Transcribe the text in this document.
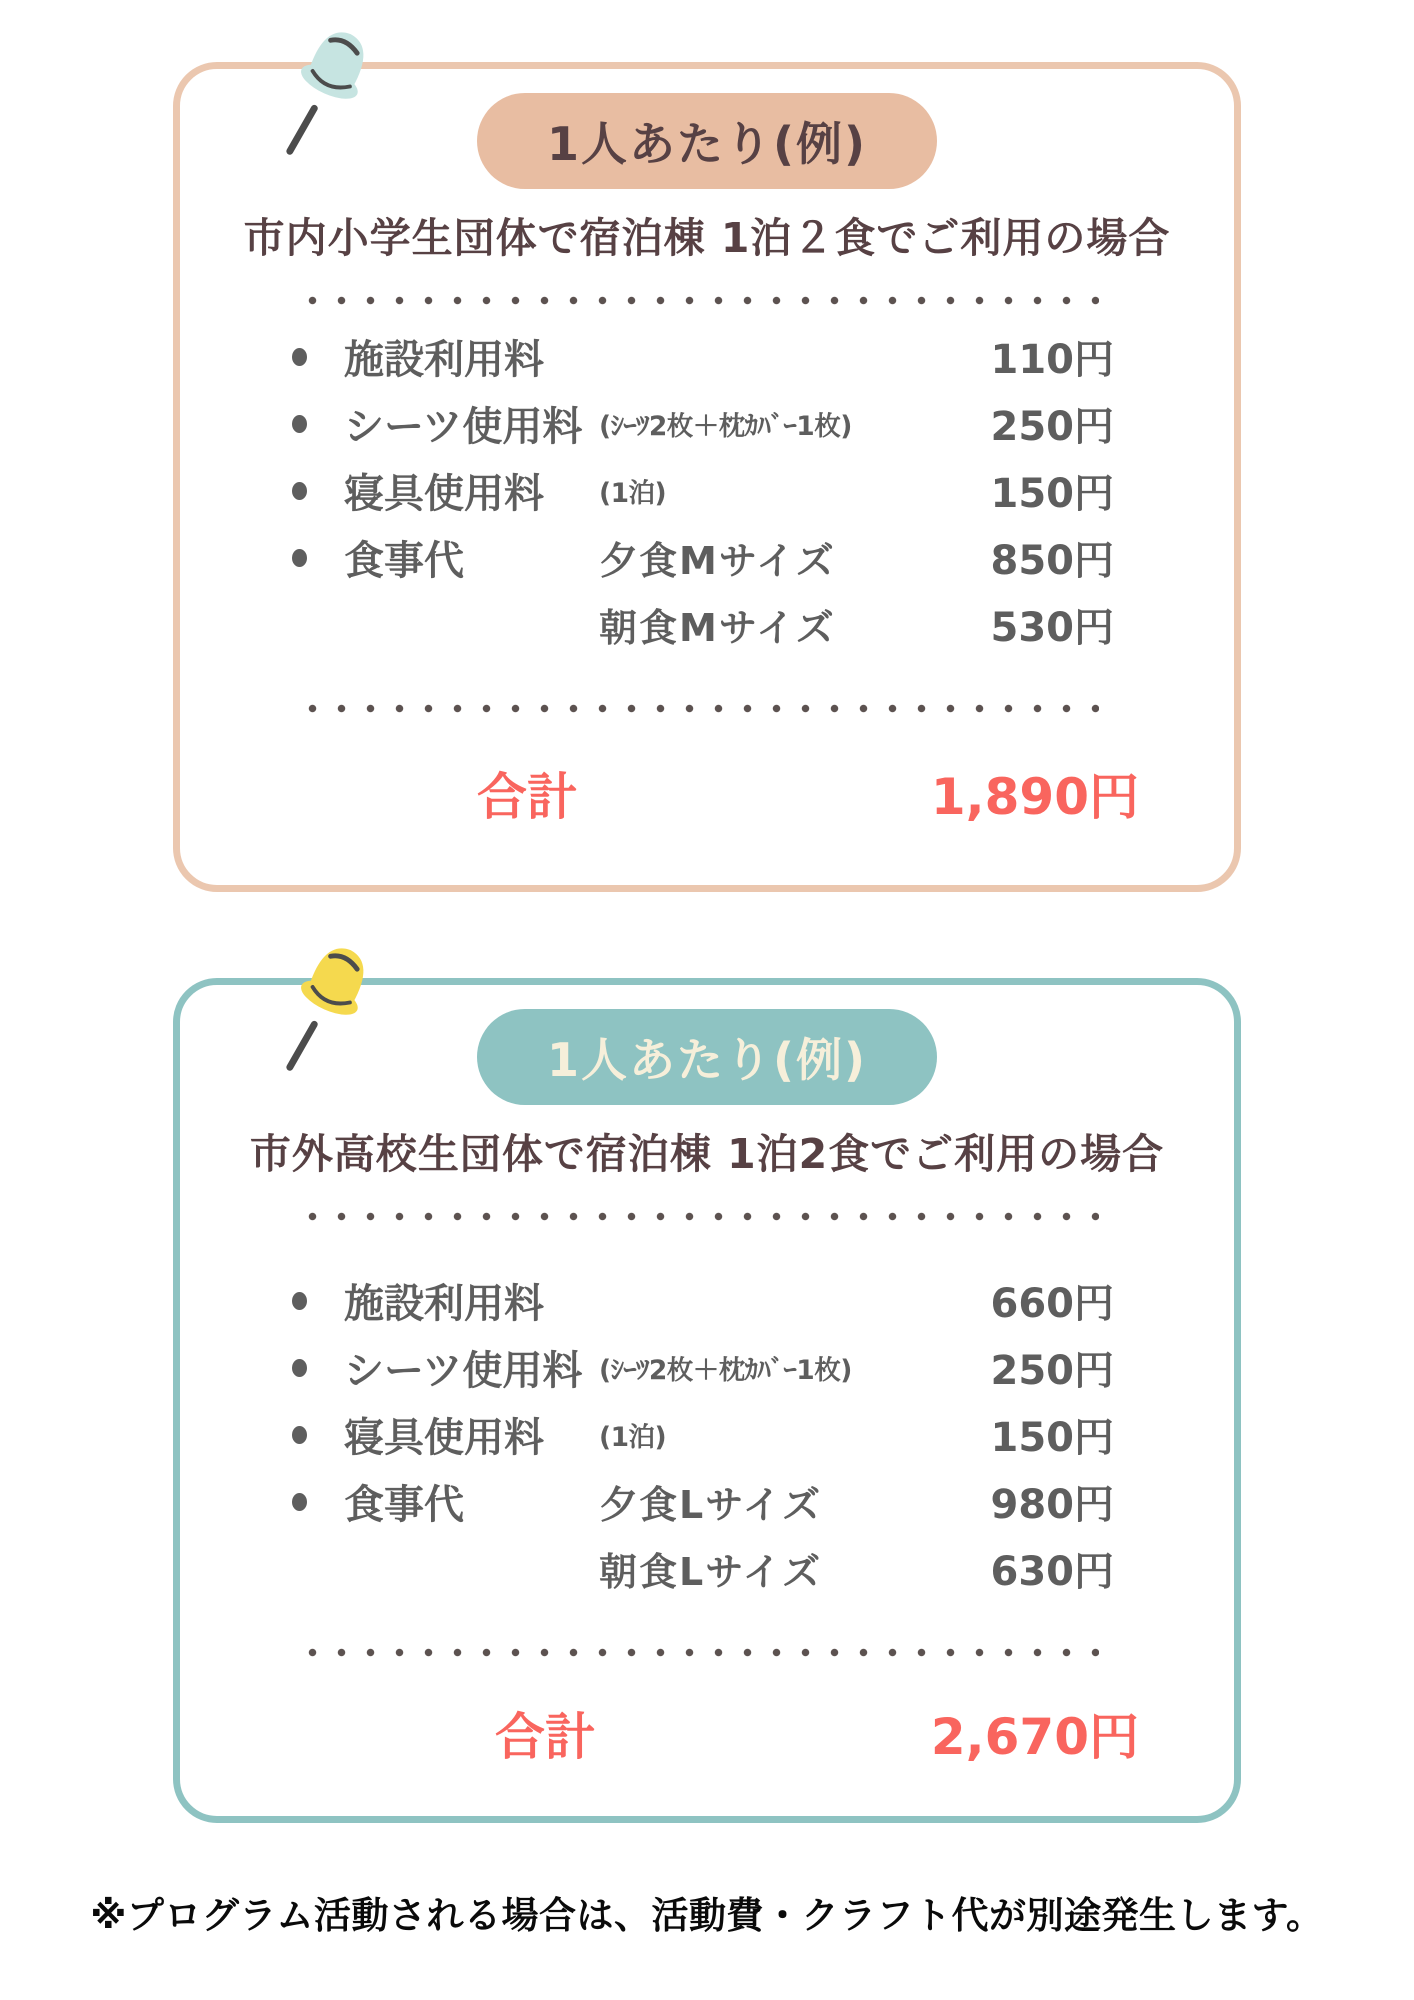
1人あたり(例)
市内小学生団体で宿泊棟 1泊２食でご利用の場合
施設利用料	110円
シーツ使用料 (ｼｰﾂ2枚＋枕ｶﾊﾞｰ1枚)	250円
寝具使用料	(1泊)	150円
食事代	夕食Mサイズ	850円
朝食Mサイズ	530円
合計	1,890円
1人あたり(例)
市外高校生団体で宿泊棟 1泊2食でご利用の場合
施設利用料	660円
シーツ使用料 (ｼｰﾂ2枚＋枕ｶﾊﾞｰ1枚)	250円
寝具使用料	(1泊)	150円
食事代	夕食Lサイズ	980円
朝食Lサイズ	630円
合計	2,670円

※プログラム活動される場合は、活動費・クラフト代が別途発生します。
